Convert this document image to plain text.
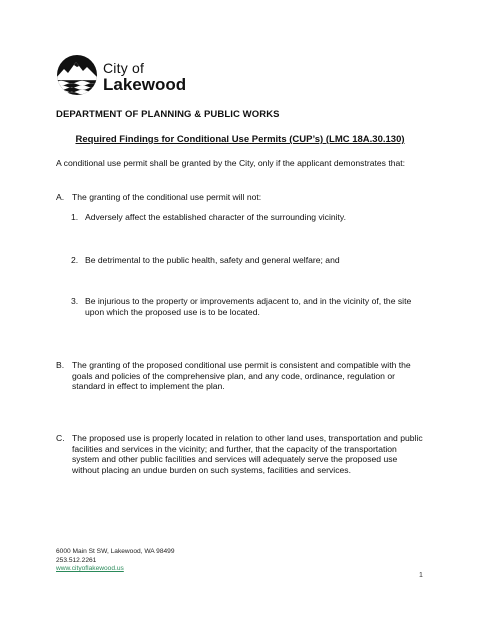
City of
Lakewood
DEPARTMENT OF PLANNING & PUBLIC WORKS
Required Findings for Conditional Use Permits (CUP’s) (LMC 18A.30.130)
A conditional use permit shall be granted by the City, only if the applicant demonstrates that:
A. The granting of the conditional use permit will not:
1. Adversely affect the established character of the surrounding vicinity.
2. Be detrimental to the public health, safety and general welfare; and
3. Be injurious to the property or improvements adjacent to, and in the vicinity of, the site upon which the proposed use is to be located.
B. The granting of the proposed conditional use permit is consistent and compatible with the goals and policies of the comprehensive plan, and any code, ordinance, regulation or standard in effect to implement the plan.
C. The proposed use is properly located in relation to other land uses, transportation and public facilities and services in the vicinity; and further, that the capacity of the transportation system and other public facilities and services will adequately serve the proposed use without placing an undue burden on such systems, facilities and services.
6000 Main St SW, Lakewood, WA 98499
253.512.2261
www.cityoflakewood.us
1
